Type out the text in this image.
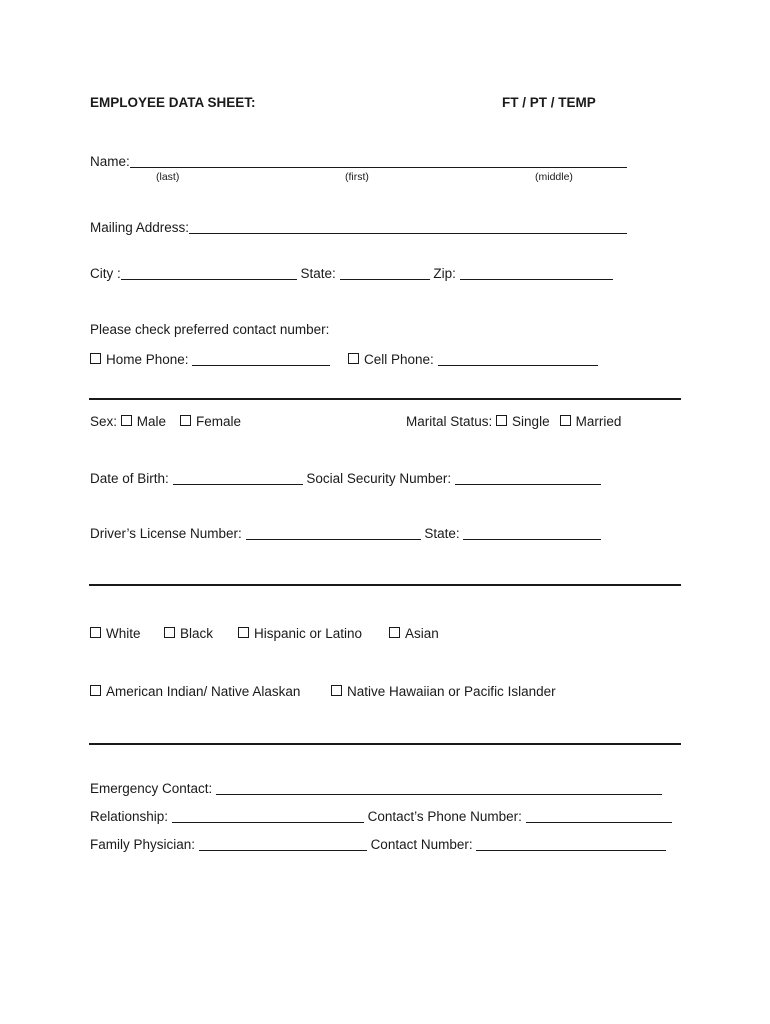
EMPLOYEE DATA SHEET:	FT / PT / TEMP
Name:
(last)	(first)	(middle)
Mailing Address:
City :	State:	Zip:
Please check preferred contact number:
Home Phone:	Cell Phone:
Sex: Male Female	Marital Status: Single Married
Date of Birth:	Social Security Number:
Driver’s License Number:	State:
White	Black	Hispanic or Latino	Asian
American Indian/ Native Alaskan	Native Hawaiian or Pacific Islander
Emergency Contact:
Relationship:	Contact’s Phone Number:
Family Physician:	Contact Number:
